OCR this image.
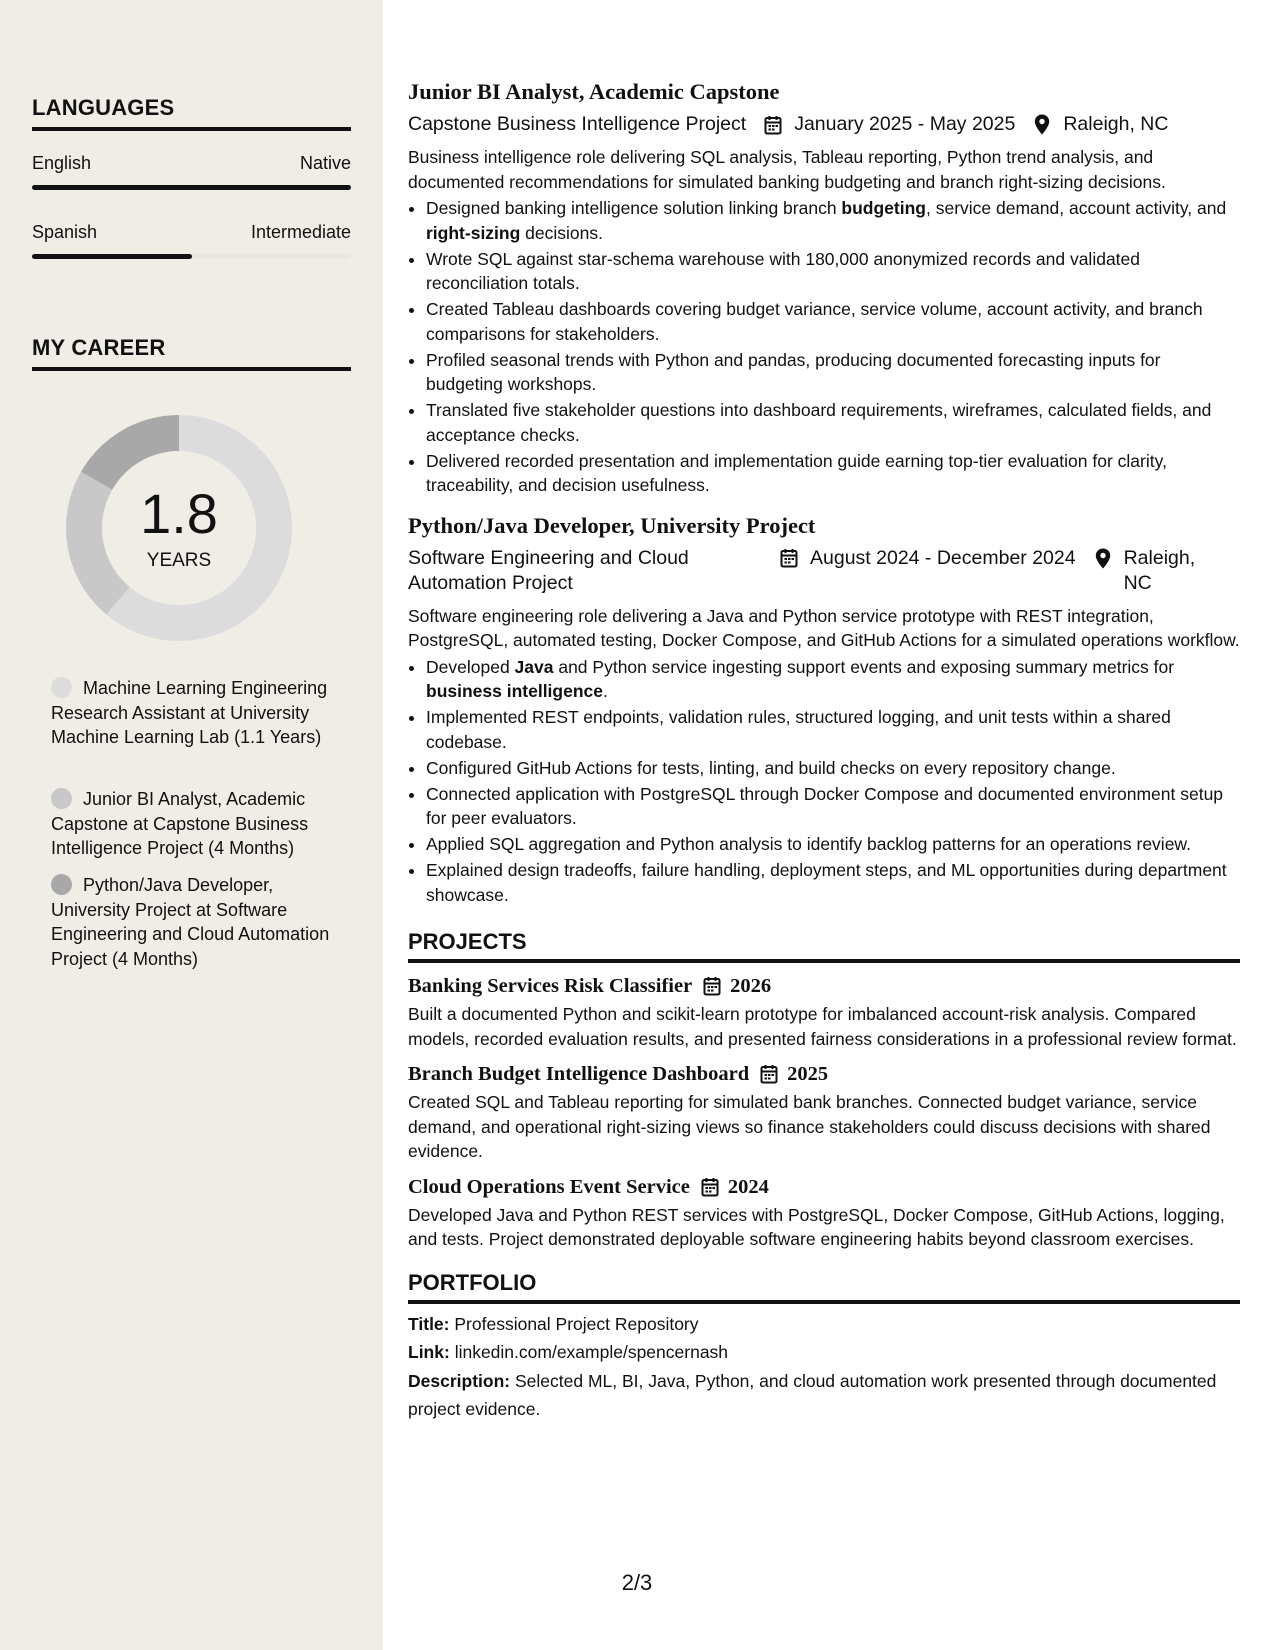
LANGUAGES
English	Native
Spanish	Intermediate
MY CAREER
1.8
YEARS
Machine Learning Engineering Research Assistant at University Machine Learning Lab (1.1 Years)
Junior BI Analyst, Academic Capstone at Capstone Business Intelligence Project (4 Months)
Python/Java Developer, University Project at Software Engineering and Cloud Automation Project (4 Months)
Junior BI Analyst, Academic Capstone
Capstone Business Intelligence Project January 2025 - May 2025 Raleigh, NC
Business intelligence role delivering SQL analysis, Tableau reporting, Python trend analysis, and documented recommendations for simulated banking budgeting and branch right-sizing decisions.
• Designed banking intelligence solution linking branch budgeting, service demand, account activity, and right-sizing decisions.
• Wrote SQL against star-schema warehouse with 180,000 anonymized records and validated reconciliation totals.
• Created Tableau dashboards covering budget variance, service volume, account activity, and branch comparisons for stakeholders.
• Profiled seasonal trends with Python and pandas, producing documented forecasting inputs for budgeting workshops.
• Translated five stakeholder questions into dashboard requirements, wireframes, calculated fields, and acceptance checks.
• Delivered recorded presentation and implementation guide earning top-tier evaluation for clarity, traceability, and decision usefulness.
Python/Java Developer, University Project
Software Engineering and Cloud Automation Project
August 2024 - December 2024 Raleigh, NC
Software engineering role delivering a Java and Python service prototype with REST integration, PostgreSQL, automated testing, Docker Compose, and GitHub Actions for a simulated operations workflow.
• Developed Java and Python service ingesting support events and exposing summary metrics for business intelligence.
• Implemented REST endpoints, validation rules, structured logging, and unit tests within a shared codebase.
• Configured GitHub Actions for tests, linting, and build checks on every repository change.
• Connected application with PostgreSQL through Docker Compose and documented environment setup for peer evaluators.
• Applied SQL aggregation and Python analysis to identify backlog patterns for an operations review.
• Explained design tradeoffs, failure handling, deployment steps, and ML opportunities during department showcase.
PROJECTS
Banking Services Risk Classifier 2026
Built a documented Python and scikit-learn prototype for imbalanced account-risk analysis. Compared models, recorded evaluation results, and presented fairness considerations in a professional review format.
Branch Budget Intelligence Dashboard 2025
Created SQL and Tableau reporting for simulated bank branches. Connected budget variance, service demand, and operational right-sizing views so finance stakeholders could discuss decisions with shared evidence.
Cloud Operations Event Service 2024
Developed Java and Python REST services with PostgreSQL, Docker Compose, GitHub Actions, logging, and tests. Project demonstrated deployable software engineering habits beyond classroom exercises.
PORTFOLIO
Title: Professional Project Repository
Link: linkedin.com/example/spencernash
Description: Selected ML, BI, Java, Python, and cloud automation work presented through documented project evidence.
2/3
